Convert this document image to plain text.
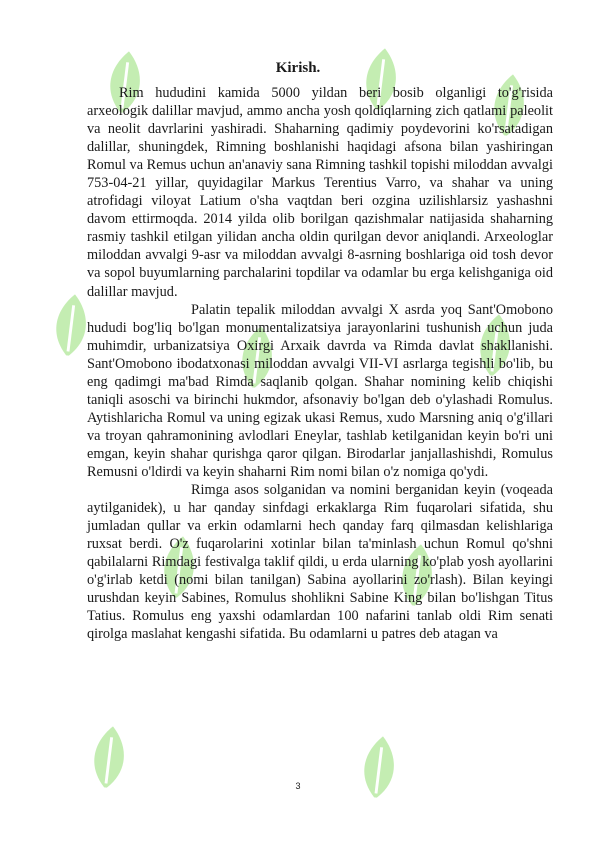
Kirish.

Rim hududini kamida 5000 yildan beri bosib olganligi to'g'risida arxeologik dalillar mavjud, ammo ancha yosh qoldiqlarning zich qatlami paleolit va neolit davrlarini yashiradi. Shaharning qadimiy poydevorini ko'rsatadigan dalillar, shuningdek, Rimning boshlanishi haqidagi afsona bilan yashiringan Romul va Remus uchun an'anaviy sana Rimning tashkil topishi miloddan avvalgi 753-04-21 yillar, quyidagilar Markus Terentius Varro, va shahar va uning atrofidagi viloyat Latium o'sha vaqtdan beri ozgina uzilishlarsiz yashashni davom ettirmoqda. 2014 yilda olib borilgan qazishmalar natijasida shaharning rasmiy tashkil etilgan yilidan ancha oldin qurilgan devor aniqlandi. Arxeologlar miloddan avvalgi 9-asr va miloddan avvalgi 8-asrning boshlariga oid tosh devor va sopol buyumlarning parchalarini topdilar va odamlar bu erga kelishganiga oid dalillar mavjud.

Palatin tepalik miloddan avvalgi X asrda yoq Sant'Omobono hududi bog'liq bo'lgan monumentalizatsiya jarayonlarini tushunish uchun juda muhimdir, urbanizatsiya Oxirgi Arxaik davrda va Rimda davlat shakllanishi. Sant'Omobono ibodatxonasi miloddan avvalgi VII-VI asrlarga tegishli bo'lib, bu eng qadimgi ma'bad Rimda saqlanib qolgan. Shahar nomining kelib chiqishi taniqli asoschi va birinchi hukmdor, afsonaviy bo'lgan deb o'ylashadi Romulus. Aytishlaricha Romul va uning egizak ukasi Remus, xudo Marsning aniq o'g'illari va troyan qahramonining avlodlari Eneylar, tashlab ketilganidan keyin bo'ri uni emgan, keyin shahar qurishga qaror qilgan. Birodarlar janjallashishdi, Romulus Remusni o'ldirdi va keyin shaharni Rim nomi bilan o'z nomiga qo'ydi.

Rimga asos solganidan va nomini berganidan keyin (voqeada aytilganidek), u har qanday sinfdagi erkaklarga Rim fuqarolari sifatida, shu jumladan qullar va erkin odamlarni hech qanday farq qilmasdan kelishlariga ruxsat berdi. O'z fuqarolarini xotinlar bilan ta'minlash uchun Romul qo'shni qabilalarni Rimdagi festivalga taklif qildi, u erda ularning ko'plab yosh ayollarini o'g'irlab ketdi (nomi bilan tanilgan) Sabina ayollarini zo'rlash). Bilan keyingi urushdan keyin Sabines, Romulus shohlikni Sabine King bilan bo'lishgan Titus Tatius. Romulus eng yaxshi odamlardan 100 nafarini tanlab oldi Rim senati qirolga maslahat kengashi sifatida. Bu odamlarni u patres deb atagan va

3
